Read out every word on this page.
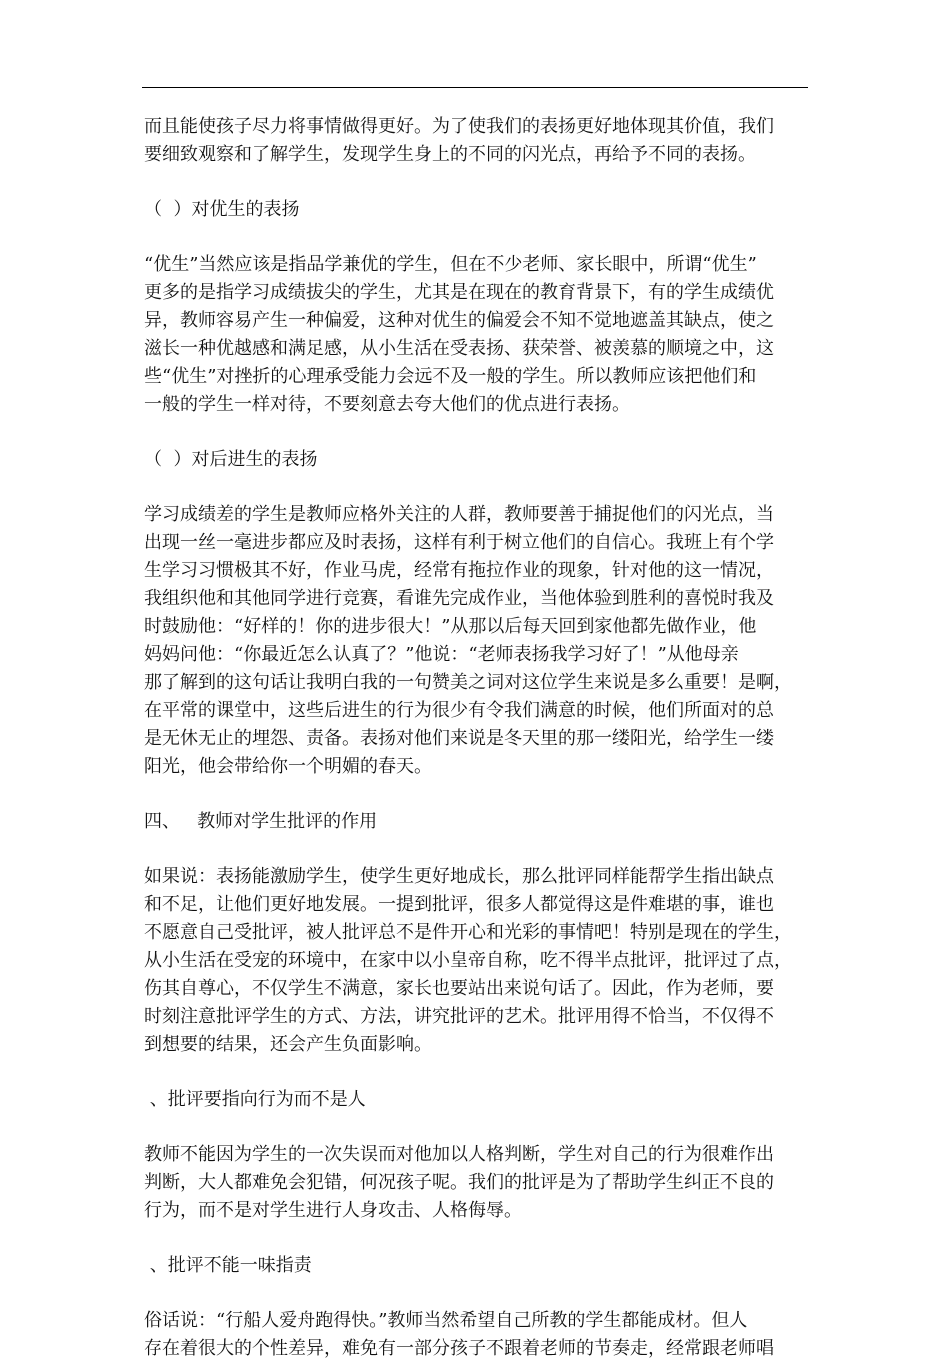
而且能使孩子尽力将事情做得更好。为了使我们的表扬更好地体现其价值，我们
要细致观察和了解学生，发现学生身上的不同的闪光点，再给予不同的表扬。
（  ）对优生的表扬
“优生”当然应该是指品学兼优的学生，但在不少老师、家长眼中，所谓“优生”
更多的是指学习成绩拔尖的学生，尤其是在现在的教育背景下，有的学生成绩优
异，教师容易产生一种偏爱，这种对优生的偏爱会不知不觉地遮盖其缺点，使之
滋长一种优越感和满足感，从小生活在受表扬、获荣誉、被羡慕的顺境之中，这
些“优生”对挫折的心理承受能力会远不及一般的学生。所以教师应该把他们和
一般的学生一样对待，不要刻意去夸大他们的优点进行表扬。
（  ）对后进生的表扬
学习成绩差的学生是教师应格外关注的人群，教师要善于捕捉他们的闪光点，当
出现一丝一毫进步都应及时表扬，这样有利于树立他们的自信心。我班上有个学
生学习习惯极其不好，作业马虎，经常有拖拉作业的现象，针对他的这一情况，
我组织他和其他同学进行竞赛，看谁先完成作业，当他体验到胜利的喜悦时我及
时鼓励他：“好样的！你的进步很大！”从那以后每天回到家他都先做作业，他
妈妈问他：“你最近怎么认真了？”他说：“老师表扬我学习好了！”从他母亲
那了解到的这句话让我明白我的一句赞美之词对这位学生来说是多么重要！是啊，
在平常的课堂中，这些后进生的行为很少有令我们满意的时候，他们所面对的总
是无休无止的埋怨、责备。表扬对他们来说是冬天里的那一缕阳光，给学生一缕
阳光，他会带给你一个明媚的春天。
四、   教师对学生批评的作用
如果说：表扬能激励学生，使学生更好地成长，那么批评同样能帮学生指出缺点
和不足，让他们更好地发展。一提到批评，很多人都觉得这是件难堪的事，谁也
不愿意自己受批评，被人批评总不是件开心和光彩的事情吧！特别是现在的学生，
从小生活在受宠的环境中，在家中以小皇帝自称，吃不得半点批评，批评过了点，
伤其自尊心，不仅学生不满意，家长也要站出来说句话了。因此，作为老师，要
时刻注意批评学生的方式、方法，讲究批评的艺术。批评用得不恰当，不仅得不
到想要的结果，还会产生负面影响。
、批评要指向行为而不是人
教师不能因为学生的一次失误而对他加以人格判断，学生对自己的行为很难作出
判断，大人都难免会犯错，何况孩子呢。我们的批评是为了帮助学生纠正不良的
行为，而不是对学生进行人身攻击、人格侮辱。
、批评不能一味指责
俗话说：“行船人爱舟跑得快。”教师当然希望自己所教的学生都能成材。但人
存在着很大的个性差异，难免有一部分孩子不跟着老师的节奏走，经常跟老师唱
